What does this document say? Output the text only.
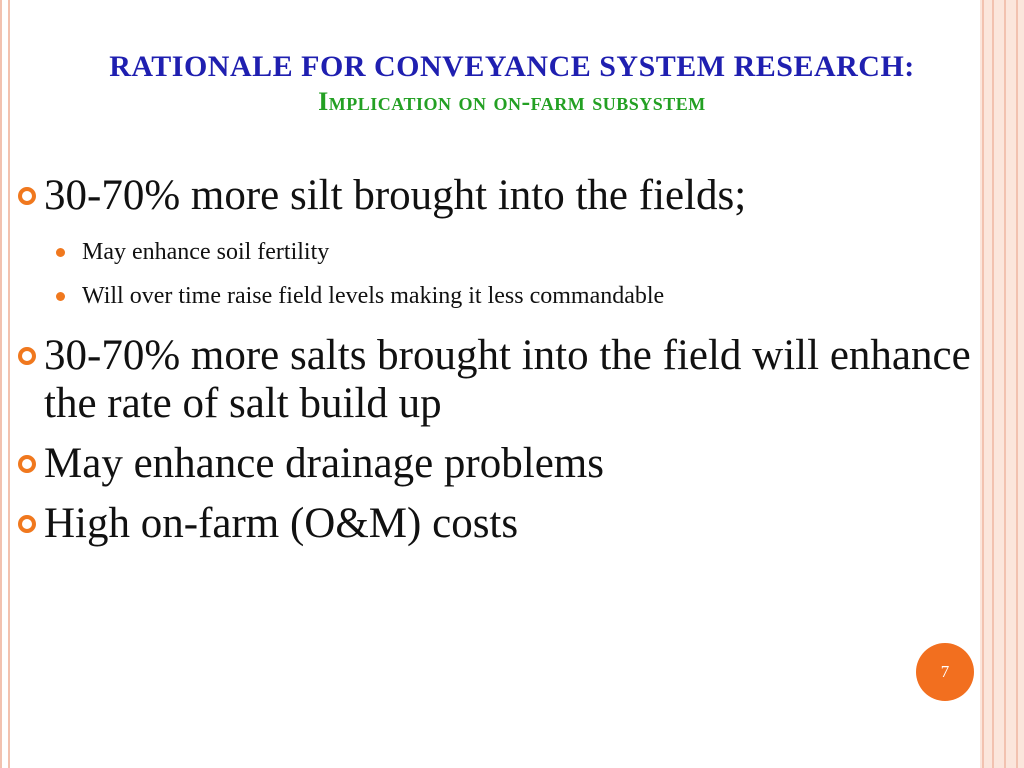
RATIONALE FOR CONVEYANCE SYSTEM RESEARCH:
Implication on on-farm subsystem
30-70% more silt brought into the fields;
May enhance soil fertility
Will over time raise field levels making it less commandable
30-70% more salts brought into the field will enhance the rate of salt build up
May enhance drainage problems
High on-farm (O&M) costs
7
